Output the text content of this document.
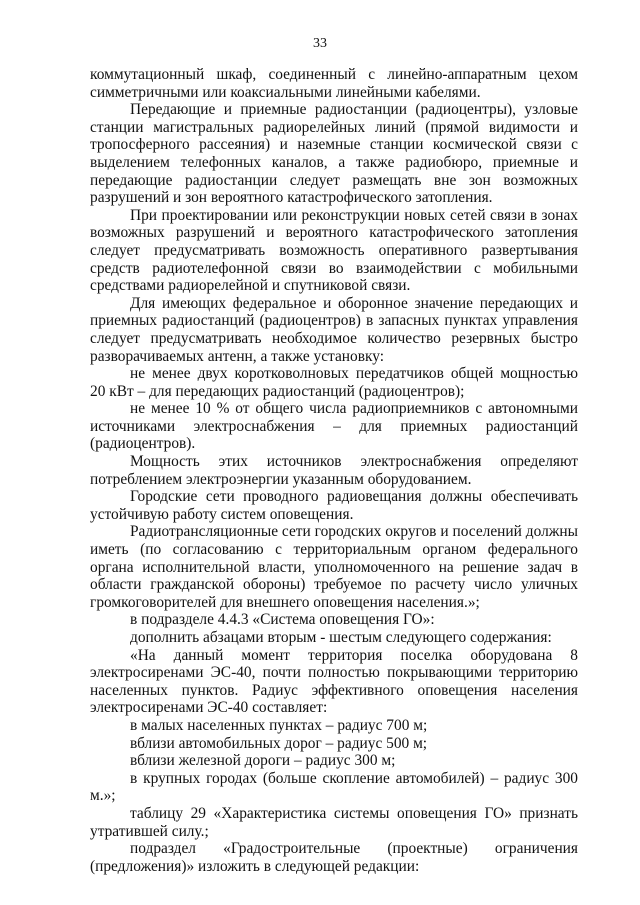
33

коммутационный шкаф, соединенный с линейно-аппаратным цехом симметричными или коаксиальными линейными кабелями.

Передающие и приемные радиостанции (радиоцентры), узловые станции магистральных радиорелейных линий (прямой видимости и тропосферного рассеяния) и наземные станции космической связи с выделением телефонных каналов, а также радиобюро, приемные и передающие радиостанции следует размещать вне зон возможных разрушений и зон вероятного катастрофического затопления.

При проектировании или реконструкции новых сетей связи в зонах возможных разрушений и вероятного катастрофического затопления следует предусматривать возможность оперативного развертывания средств радиотелефонной связи во взаимодействии с мобильными средствами радиорелейной и спутниковой связи.

Для имеющих федеральное и оборонное значение передающих и приемных радиостанций (радиоцентров) в запасных пунктах управления следует предусматривать необходимое количество резервных быстро разворачиваемых антенн, а также установку:

не менее двух коротковолновых передатчиков общей мощностью 20 кВт – для передающих радиостанций (радиоцентров);

не менее 10 % от общего числа радиоприемников с автономными источниками электроснабжения – для приемных радиостанций (радиоцентров).

Мощность этих источников электроснабжения определяют потреблением электроэнергии указанным оборудованием.

Городские сети проводного радиовещания должны обеспечивать устойчивую работу систем оповещения.

Радиотрансляционные сети городских округов и поселений должны иметь (по согласованию с территориальным органом федерального органа исполнительной власти, уполномоченного на решение задач в области гражданской обороны) требуемое по расчету число уличных громкоговорителей для внешнего оповещения населения.»;

в подразделе 4.4.3 «Система оповещения ГО»:

дополнить абзацами вторым - шестым следующего содержания:

«На данный момент территория поселка оборудована 8 электросиренами ЭС-40, почти полностью покрывающими территорию населенных пунктов. Радиус эффективного оповещения населения электросиренами ЭС-40 составляет:

в малых населенных пунктах – радиус 700 м;

вблизи автомобильных дорог – радиус 500 м;

вблизи железной дороги – радиус 300 м;

в крупных городах (больше скопление автомобилей) – радиус 300 м.»;

таблицу 29 «Характеристика системы оповещения ГО» признать утратившей силу.;

подраздел «Градостроительные (проектные) ограничения (предложения)» изложить в следующей редакции:
